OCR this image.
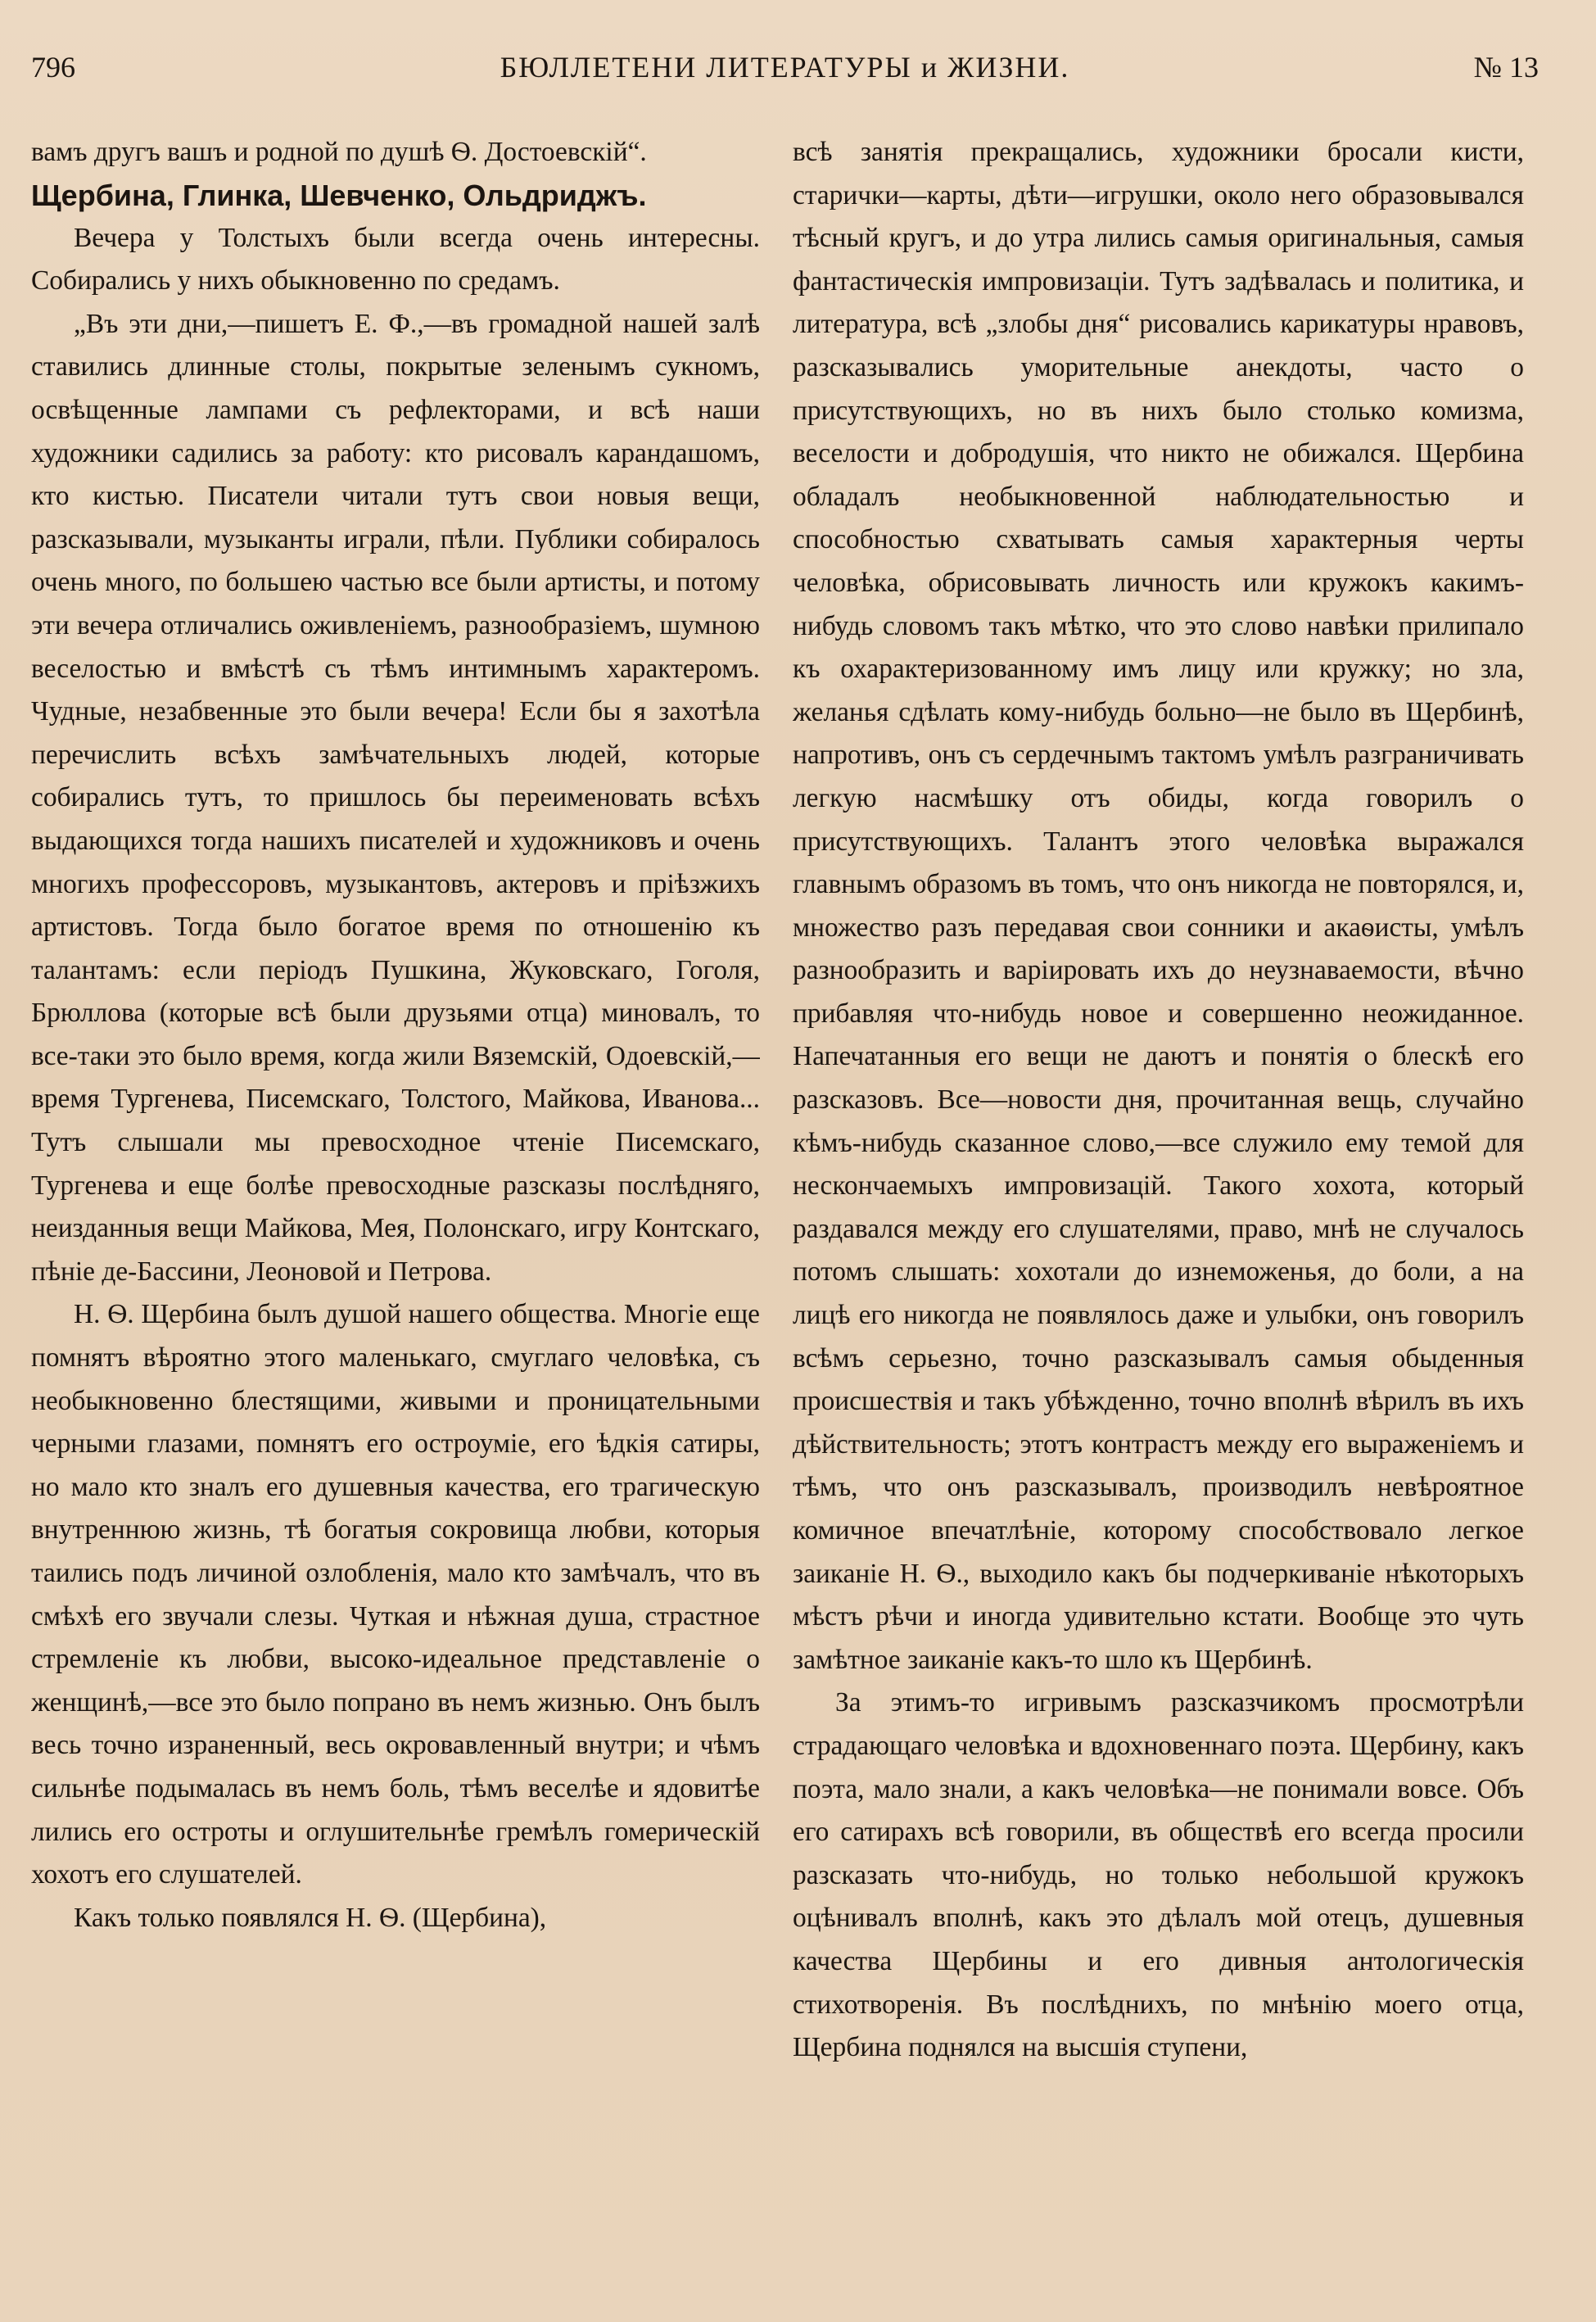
796	БЮЛЛЕТЕНИ ЛИТЕРАТУРЫ и ЖИЗНИ.	№ 13

вамъ другъ вашъ и родной по душѣ Ѳ. Достоевскій“.

Щербина, Глинка, Шевченко, Ольдриджъ.

Вечера у Толстыхъ были всегда очень интересны. Собирались у нихъ обыкновенно по средамъ.

„Въ эти дни,—пишетъ Е. Ф.,—въ громадной нашей залѣ ставились длинные столы, покрытые зеленымъ сукномъ, освѣщенные лампами съ рефлекторами, и всѣ наши художники садились за работу: кто рисовалъ карандашомъ, кто кистью. Писатели читали тутъ свои новыя вещи, разсказывали, музыканты играли, пѣли. Публики собиралось очень много, по большею частью все были артисты, и потому эти вечера отличались оживленіемъ, разнообразіемъ, шумною веселостью и вмѣстѣ съ тѣмъ интимнымъ характеромъ. Чудные, незабвенные это были вечера! Если бы я захотѣла перечислить всѣхъ замѣчательныхъ людей, которые собирались тутъ, то пришлось бы переименовать всѣхъ выдающихся тогда нашихъ писателей и художниковъ и очень многихъ профессоровъ, музыкантовъ, актеровъ и пріѣзжихъ артистовъ. Тогда было богатое время по отношенію къ талантамъ: если періодъ Пушкина, Жуковскаго, Гоголя, Брюллова (которые всѣ были друзьями отца) миновалъ, то все-таки это было время, когда жили Вяземскій, Одоевскій,—время Тургенева, Писемскаго, Толстого, Майкова, Иванова... Тутъ слышали мы превосходное чтеніе Писемскаго, Тургенева и еще болѣе превосходные разсказы послѣдняго, неизданныя вещи Майкова, Мея, Полонскаго, игру Контскаго, пѣніе де-Бассини, Леоновой и Петрова.

Н. Ѳ. Щербина былъ душой нашего общества. Многіе еще помнятъ вѣроятно этого маленькаго, смуглаго человѣка, съ необыкновенно блестящими, живыми и проницательными черными глазами, помнятъ его остроуміе, его ѣдкія сатиры, но мало кто зналъ его душевныя качества, его трагическую внутреннюю жизнь, тѣ богатыя сокровища любви, которыя таились подъ личиной озлобленія, мало кто замѣчалъ, что въ смѣхѣ его звучали слезы. Чуткая и нѣжная душа, страстное стремленіе къ любви, высоко-идеальное представленіе о женщинѣ,—все это было попрано въ немъ жизнью. Онъ былъ весь точно израненный, весь окровавленный внутри; и чѣмъ сильнѣе подымалась въ немъ боль, тѣмъ веселѣе и ядовитѣе лились его остроты и оглушительнѣе гремѣлъ гомерическій хохотъ его слушателей.

Какъ только появлялся Н. Ѳ. (Щербина),

всѣ занятія прекращались, художники бросали кисти, старички—карты, дѣти—игрушки, около него образовывался тѣсный кругъ, и до утра лились самыя оригинальныя, самыя фантастическія импровизаціи. Тутъ задѣвалась и политика, и литература, всѣ „злобы дня“ рисовались карикатуры нравовъ, разсказывались уморительные анекдоты, часто о присутствующихъ, но въ нихъ было столько комизма, веселости и добродушія, что никто не обижался. Щербина обладалъ необыкновенной наблюдательностью и способностью схватывать самыя характерныя черты человѣка, обрисовывать личность или кружокъ какимъ-нибудь словомъ такъ мѣтко, что это слово навѣки прилипало къ охарактеризованному имъ лицу или кружку; но зла, желанья сдѣлать кому-нибудь больно—не было въ Щербинѣ, напротивъ, онъ съ сердечнымъ тактомъ умѣлъ разграничивать легкую насмѣшку отъ обиды, когда говорилъ о присутствующихъ. Талантъ этого человѣка выражался главнымъ образомъ въ томъ, что онъ никогда не повторялся, и, множество разъ передавая свои сонники и акаѳисты, умѣлъ разнообразить и варіировать ихъ до неузнаваемости, вѣчно прибавляя что-нибудь новое и совершенно неожиданное. Напечатанныя его вещи не даютъ и понятія о блескѣ его разсказовъ. Все—новости дня, прочитанная вещь, случайно кѣмъ-нибудь сказанное слово,—все служило ему темой для нескончаемыхъ импровизацій. Такого хохота, который раздавался между его слушателями, право, мнѣ не случалось потомъ слышать: хохотали до изнеможенья, до боли, а на лицѣ его никогда не появлялось даже и улыбки, онъ говорилъ всѣмъ серьезно, точно разсказывалъ самыя обыденныя происшествія и такъ убѣжденно, точно вполнѣ вѣрилъ въ ихъ дѣйствительность; этотъ контрастъ между его выраженіемъ и тѣмъ, что онъ разсказывалъ, производилъ невѣроятное комичное впечатлѣніе, которому способствовало легкое заиканіе Н. Ѳ., выходило какъ бы подчеркиваніе нѣкоторыхъ мѣстъ рѣчи и иногда удивительно кстати. Вообще это чуть замѣтное заиканіе какъ-то шло къ Щербинѣ.

За этимъ-то игривымъ разсказчикомъ просмотрѣли страдающаго человѣка и вдохновеннаго поэта. Щербину, какъ поэта, мало знали, а какъ человѣка—не понимали вовсе. Объ его сатирахъ всѣ говорили, въ обществѣ его всегда просили разсказать что-нибудь, но только небольшой кружокъ оцѣнивалъ вполнѣ, какъ это дѣлалъ мой отецъ, душевныя качества Щербины и его дивныя антологическія стихотворенія. Въ послѣднихъ, по мнѣнію моего отца, Щербина поднялся на высшія ступени,
